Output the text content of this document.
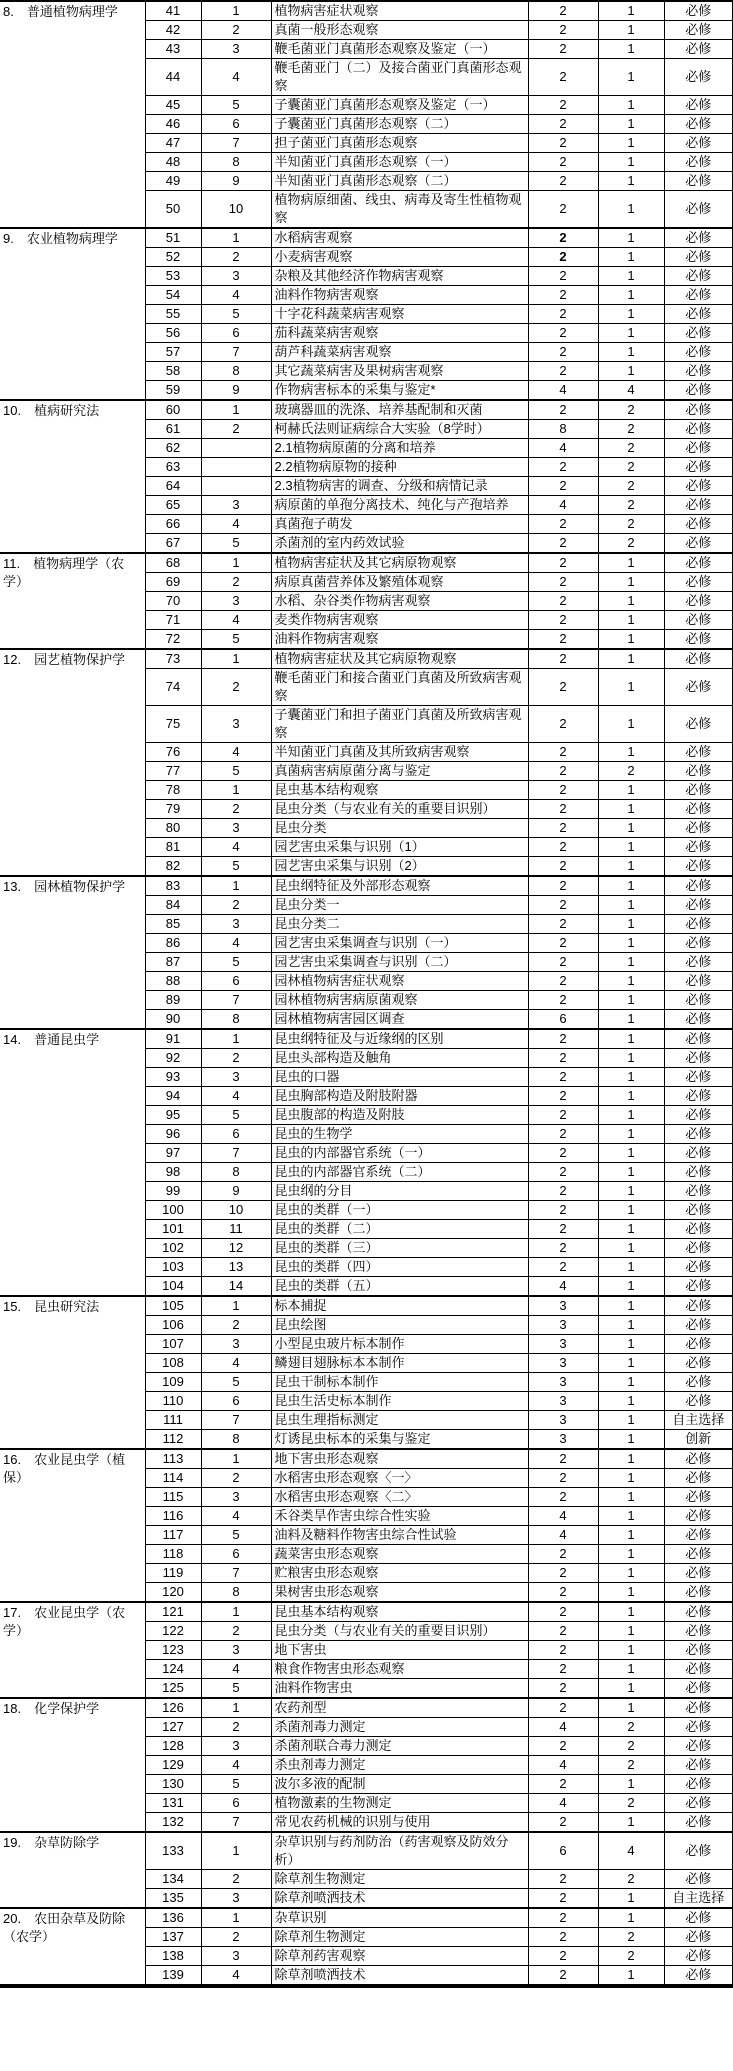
8.　普通植物病理学	41	1	植物病害症状观察	2	1	必修
	42	2	真菌一般形态观察	2	1	必修
	43	3	鞭毛菌亚门真菌形态观察及鉴定（一）	2	1	必修
	44	4	鞭毛菌亚门（二）及接合菌亚门真菌形态观察	2	1	必修
	45	5	子囊菌亚门真菌形态观察及鉴定（一）	2	1	必修
	46	6	子囊菌亚门真菌形态观察（二）	2	1	必修
	47	7	担子菌亚门真菌形态观察	2	1	必修
	48	8	半知菌亚门真菌形态观察（一）	2	1	必修
	49	9	半知菌亚门真菌形态观察（二）	2	1	必修
	50	10	植物病原细菌、线虫、病毒及寄生性植物观察	2	1	必修
9.　农业植物病理学	51	1	水稻病害观察	2	1	必修
	52	2	小麦病害观察	2	1	必修
	53	3	杂粮及其他经济作物病害观察	2	1	必修
	54	4	油料作物病害观察	2	1	必修
	55	5	十字花科蔬菜病害观察	2	1	必修
	56	6	茄科蔬菜病害观察	2	1	必修
	57	7	葫芦科蔬菜病害观察	2	1	必修
	58	8	其它蔬菜病害及果树病害观察	2	1	必修
	59	9	作物病害标本的采集与鉴定*	4	4	必修
10.　植病研究法	60	1	玻璃器皿的洗涤、培养基配制和灭菌	2	2	必修
	61	2	柯赫氏法则证病综合大实验（8学时）	8	2	必修
	62		2.1植物病原菌的分离和培养	4	2	必修
	63		2.2植物病原物的接种	2	2	必修
	64		2.3植物病害的调查、分级和病情记录	2	2	必修
	65	3	病原菌的单孢分离技术、纯化与产孢培养	4	2	必修
	66	4	真菌孢子萌发	2	2	必修
	67	5	杀菌剂的室内药效试验	2	2	必修
11.　植物病理学（农学）	68	1	植物病害症状及其它病原物观察	2	1	必修
	69	2	病原真菌营养体及繁殖体观察	2	1	必修
	70	3	水稻、杂谷类作物病害观察	2	1	必修
	71	4	麦类作物病害观察	2	1	必修
	72	5	油料作物病害观察	2	1	必修
12.　园艺植物保护学	73	1	植物病害症状及其它病原物观察	2	1	必修
	74	2	鞭毛菌亚门和接合菌亚门真菌及所致病害观察	2	1	必修
	75	3	子囊菌亚门和担子菌亚门真菌及所致病害观察	2	1	必修
	76	4	半知菌亚门真菌及其所致病害观察	2	1	必修
	77	5	真菌病害病原菌分离与鉴定	2	2	必修
	78	1	昆虫基本结构观察	2	1	必修
	79	2	昆虫分类（与农业有关的重要目识别）	2	1	必修
	80	3	昆虫分类	2	1	必修
	81	4	园艺害虫采集与识别（1）	2	1	必修
	82	5	园艺害虫采集与识别（2）	2	1	必修
13.　园林植物保护学	83	1	昆虫纲特征及外部形态观察	2	1	必修
	84	2	昆虫分类一	2	1	必修
	85	3	昆虫分类二	2	1	必修
	86	4	园艺害虫采集调查与识别（一）	2	1	必修
	87	5	园艺害虫采集调查与识别（二）	2	1	必修
	88	6	园林植物病害症状观察	2	1	必修
	89	7	园林植物病害病原菌观察	2	1	必修
	90	8	园林植物病害园区调查	6	1	必修
14.　普通昆虫学	91	1	昆虫纲特征及与近缘纲的区别	2	1	必修
	92	2	昆虫头部构造及触角	2	1	必修
	93	3	昆虫的口器	2	1	必修
	94	4	昆虫胸部构造及附肢附器	2	1	必修
	95	5	昆虫腹部的构造及附肢	2	1	必修
	96	6	昆虫的生物学	2	1	必修
	97	7	昆虫的内部器官系统（一）	2	1	必修
	98	8	昆虫的内部器官系统（二）	2	1	必修
	99	9	昆虫纲的分目	2	1	必修
	100	10	昆虫的类群（一）	2	1	必修
	101	11	昆虫的类群（二）	2	1	必修
	102	12	昆虫的类群（三）	2	1	必修
	103	13	昆虫的类群（四）	2	1	必修
	104	14	昆虫的类群（五）	4	1	必修
15.　昆虫研究法	105	1	标本捕捉	3	1	必修
	106	2	昆虫绘图	3	1	必修
	107	3	小型昆虫玻片标本制作	3	1	必修
	108	4	鳞翅目翅脉标本本制作	3	1	必修
	109	5	昆虫干制标本制作	3	1	必修
	110	6	昆虫生活史标本制作	3	1	必修
	111	7	昆虫生理指标测定	3	1	自主选择
	112	8	灯诱昆虫标本的采集与鉴定	3	1	创新
16.　农业昆虫学（植保）	113	1	地下害虫形态观察	2	1	必修
	114	2	水稻害虫形态观察〈一〉	2	1	必修
	115	3	水稻害虫形态观察〈二〉	2	1	必修
	116	4	禾谷类旱作害虫综合性实验	4	1	必修
	117	5	油料及糖料作物害虫综合性试验	4	1	必修
	118	6	蔬菜害虫形态观察	2	1	必修
	119	7	贮粮害虫形态观察	2	1	必修
	120	8	果树害虫形态观察	2	1	必修
17.　农业昆虫学（农学）	121	1	昆虫基本结构观察	2	1	必修
	122	2	昆虫分类（与农业有关的重要目识别）	2	1	必修
	123	3	地下害虫	2	1	必修
	124	4	粮食作物害虫形态观察	2	1	必修
	125	5	油料作物害虫	2	1	必修
18.　化学保护学	126	1	农药剂型	2	1	必修
	127	2	杀菌剂毒力测定	4	2	必修
	128	3	杀菌剂联合毒力测定	2	2	必修
	129	4	杀虫剂毒力测定	4	2	必修
	130	5	波尔多液的配制	2	1	必修
	131	6	植物激素的生物测定	4	2	必修
	132	7	常见农药机械的识别与使用	2	1	必修
19.　杂草防除学	133	1	杂草识别与药剂防治（药害观察及防效分析）	6	4	必修
	134	2	除草剂生物测定	2	2	必修
	135	3	除草剂喷洒技术	2	1	自主选择
20.　农田杂草及防除（农学）	136	1	杂草识别	2	1	必修
	137	2	除草剂生物测定	2	2	必修
	138	3	除草剂药害观察	2	2	必修
	139	4	除草剂喷洒技术	2	1	必修
